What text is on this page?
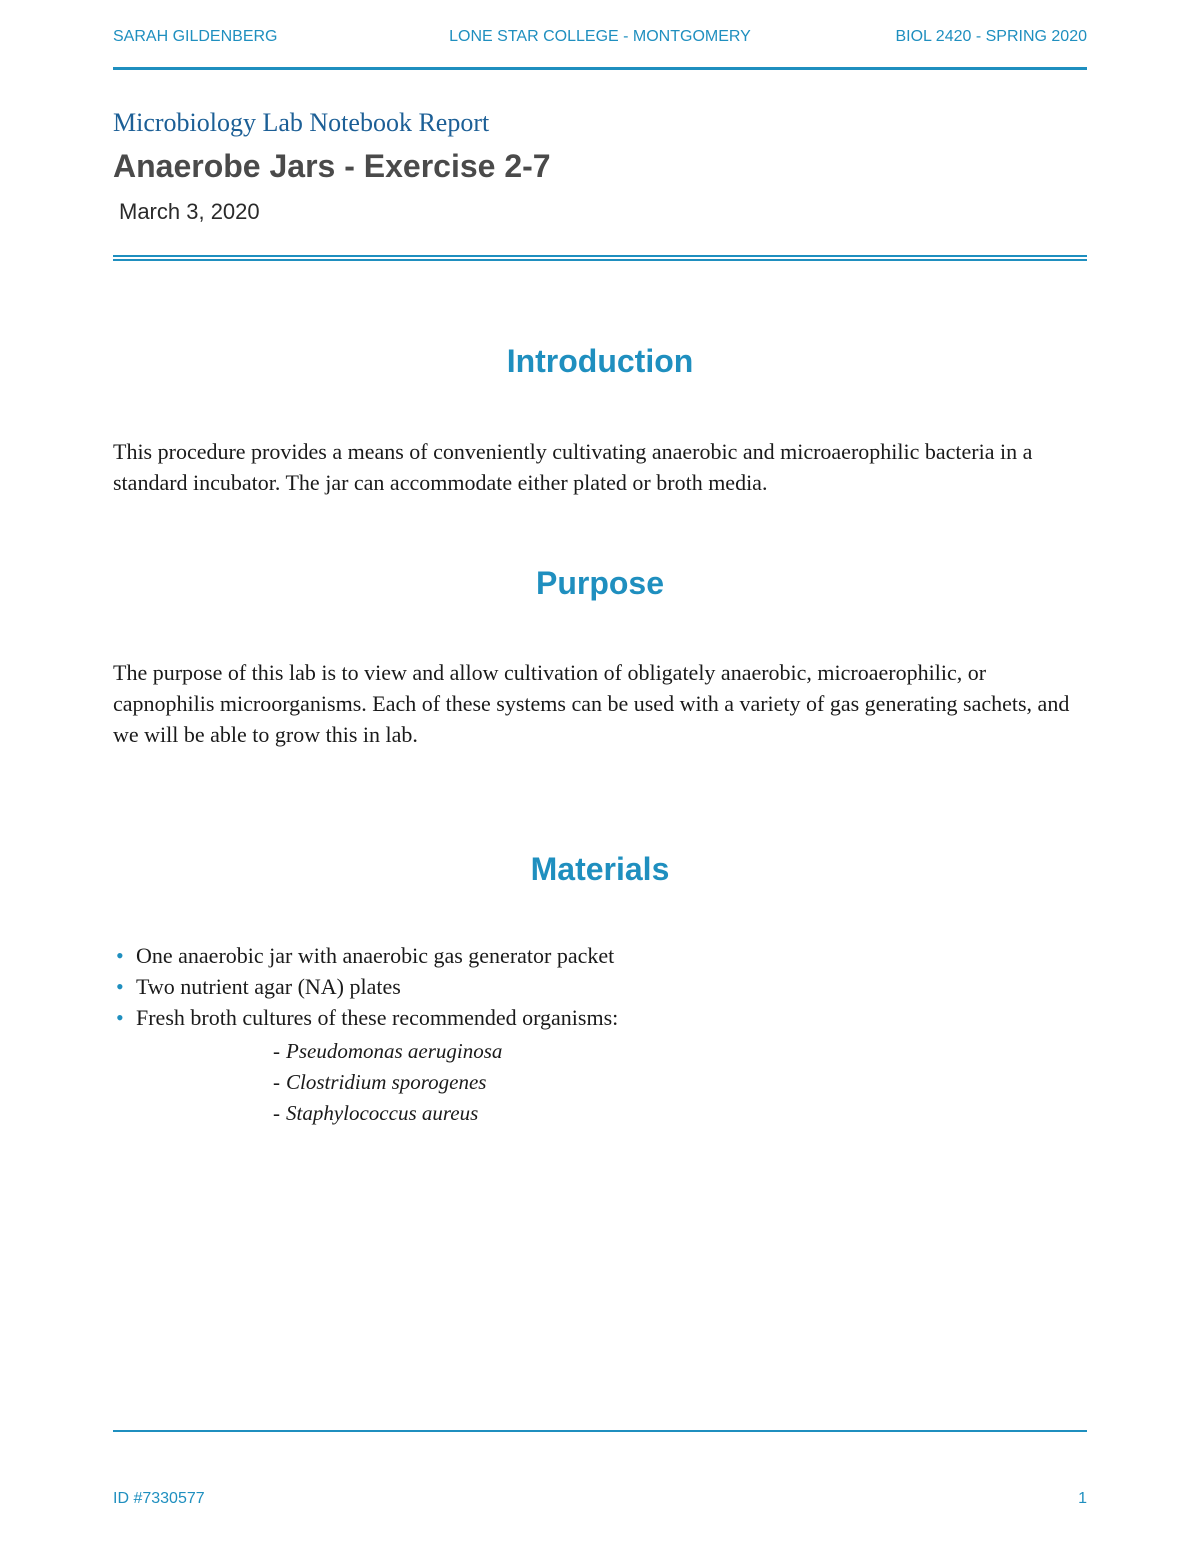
SARAH GILDENBERG	LONE STAR COLLEGE - MONTGOMERY	BIOL 2420 - SPRING 2020
Microbiology Lab Notebook Report
Anaerobe Jars - Exercise 2-7
March 3, 2020
Introduction

This procedure provides a means of conveniently cultivating anaerobic and microaerophilic bacteria in a standard incubator. The jar can accommodate either plated or broth media.

Purpose

The purpose of this lab is to view and allow cultivation of obligately anaerobic, microaerophilic, or capnophilis microorganisms. Each of these systems can be used with a variety of gas generating sachets, and we will be able to grow this in lab.

Materials
• One anaerobic jar with anaerobic gas generator packet
• Two nutrient agar (NA) plates
• Fresh broth cultures of these recommended organisms:
- Pseudomonas aeruginosa
- Clostridium sporogenes
- Staphylococcus aureus
ID #7330577	1
